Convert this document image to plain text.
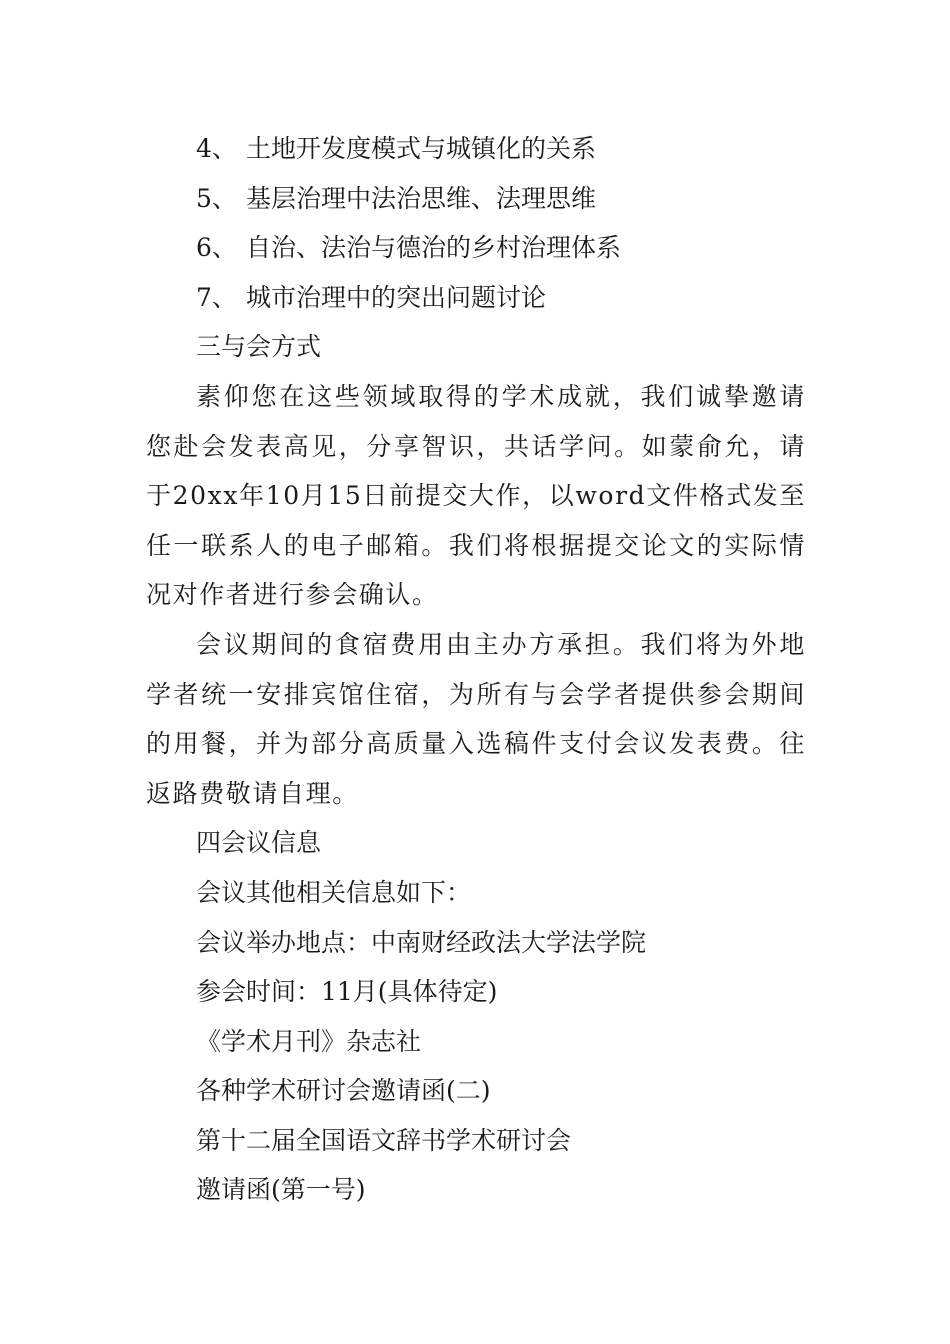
4、 土地开发度模式与城镇化的关系

5、 基层治理中法治思维、法理思维

6、 自治、法治与德治的乡村治理体系

7、 城市治理中的突出问题讨论

三与会方式

素仰您在这些领域取得的学术成就，我们诚挚邀请您赴会发表高见，分享智识，共话学问。如蒙俞允，请于20xx年10月15日前提交大作，以word文件格式发至任一联系人的电子邮箱。我们将根据提交论文的实际情况对作者进行参会确认。

会议期间的食宿费用由主办方承担。我们将为外地学者统一安排宾馆住宿，为所有与会学者提供参会期间的用餐，并为部分高质量入选稿件支付会议发表费。往返路费敬请自理。

四会议信息

会议其他相关信息如下：

会议举办地点：中南财经政法大学法学院

参会时间：11月(具体待定)

《学术月刊》杂志社

各种学术研讨会邀请函(二)

第十二届全国语文辞书学术研讨会

邀请函(第一号)
